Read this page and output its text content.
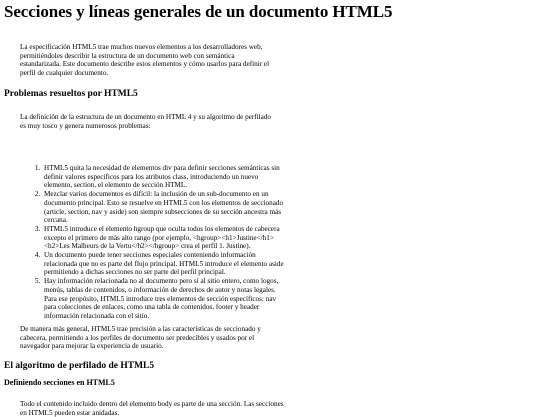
Secciones y líneas generales de un documento HTML5

La especificación HTML5 trae muchos nuevos elementos a los desarrolladores web, permitiéndoles describir la estructura de un documento web con semántica estandarizada. Este documento describe estos elementos y cómo usarlos para definir el perfil de cualquier documento.

Problemas resueltos por HTML5

La definición de la estructura de un documento en HTML 4 y su algoritmo de perfilado es muy tosco y genera numerosos problemas:

1. HTML5 quita la necesidad de elementos div para definir secciones semánticas sin definir valores específicos para los atributos class, introduciendo un nuevo elemento, section, el elemento de sección HTML.
2. Mezclar varios documentos es difícil: la inclusión de un sub-documento en un documento principal. Esto se resuelve en HTML5 con los elementos de seccionado (article, section, nav y aside) son siempre subsecciones de su sección ancestra más cercana.
3. HTML5 introduce el elemento hgroup que oculta todos los elementos de cabecera excepto el primero de más alto rango (por ejemplo, <hgroup><h1>Justine</h1><h2>Les Malheurs de la Vertu</h2></hgroup> crea el perfil 1. Justine).
4. Un documento puede tener secciones especiales conteniendo información relacionada que no es parte del flujo principal. HTML5 introduce el elemento aside permitiendo a dichas secciones no ser parte del perfil principal.
5. Hay información relacionada no al documento pero sí al sitio entero, como logos, menús, tablas de contenidos, o información de derechos de autor y notas legales. Para ese propósito, HTML5 introduce tres elementos de sección específicos: nav para colecciones de enlaces, como una tabla de contenidos, footer y header información relacionada con el sitio.

De manera más general, HTML5 trae precisión a las características de seccionado y cabecera, permitiendo a los perfiles de documento ser predecibles y usados por el navegador para mejorar la experiencia de usuario.

El algoritmo de perfilado de HTML5
Definiendo secciones en HTML5
Todo el contenido incluido dentro del elemento body es parte de una sección. Las secciones en HTML5 pueden estar anidadas.
